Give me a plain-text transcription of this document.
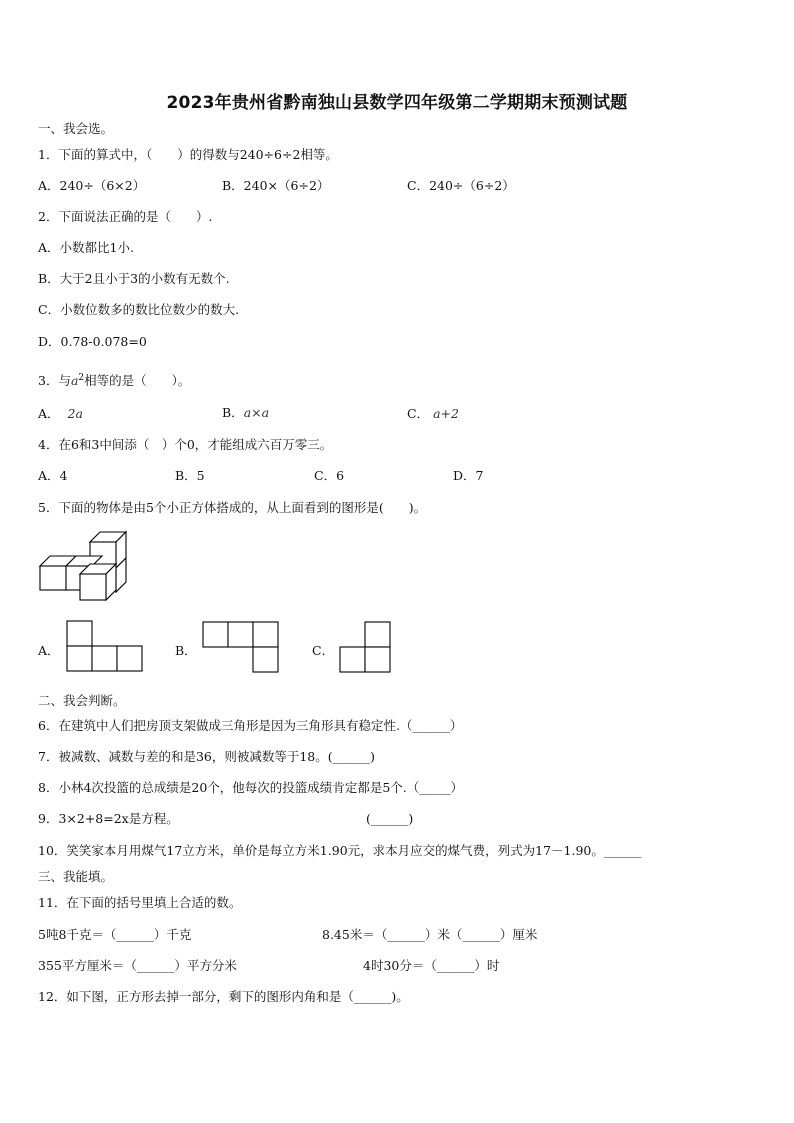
2023年贵州省黔南独山县数学四年级第二学期期末预测试题
一、我会选。
1．下面的算式中，（　　）的得数与240÷6÷2相等。
A．240÷（6×2）	B．240×（6÷2）	C．240÷（6÷2）
2．下面说法正确的是（　　）.
A．小数都比1小.
B．大于2且小于3的小数有无数个.
C．小数位数多的数比位数少的数大.
D．0.78-0.078=0
3．与$a^2$相等的是（　　）。
A． 2a	B．a×a	C． a+2
4．在6和3中间添（　）个0，才能组成六百万零三。
A．4	B．5	C．6	D．7
5．下面的物体是由5个小正方体搭成的，从上面看到的图形是(　　)。
A．	B．	C．
二、我会判断。
6．在建筑中人们把房顶支架做成三角形是因为三角形具有稳定性.（______）
7．被减数、减数与差的和是36，则被减数等于18。(______)
8．小林4次投篮的总成绩是20个，他每次的投篮成绩肯定都是5个.（_____）
9．3×2+8=2x是方程。	(______)
10．笑笑家本月用煤气17立方米，单价是每立方米1.90元，求本月应交的煤气费，列式为17－1.90。______
三、我能填。
11．在下面的括号里填上合适的数。
5吨8千克＝（______）千克	8.45米＝（______）米（______）厘米
355平方厘米＝（______）平方分米	4时30分＝（______）时
12．如下图，正方形去掉一部分，剩下的图形内角和是（______)。
